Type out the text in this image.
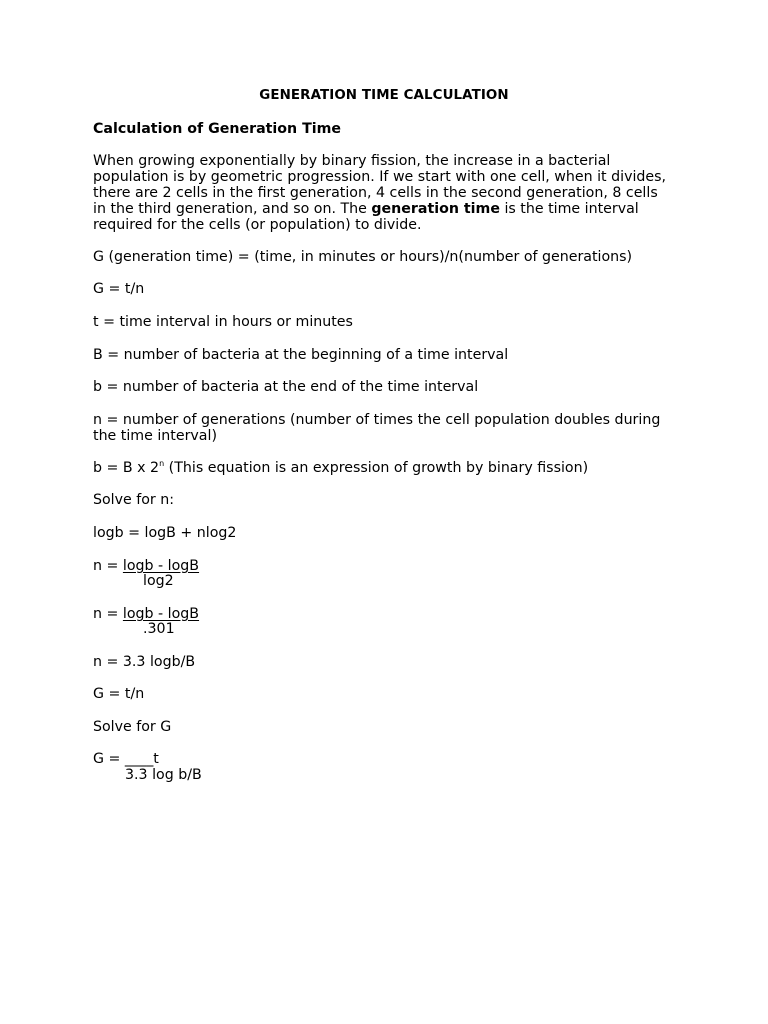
GENERATION TIME CALCULATION
Calculation of Generation Time
When growing exponentially by binary fission, the increase in a bacterial
population is by geometric progression. If we start with one cell, when it divides,
there are 2 cells in the first generation, 4 cells in the second generation, 8 cells
in the third generation, and so on. The generation time is the time interval
required for the cells (or population) to divide.
G (generation time) = (time, in minutes or hours)/n(number of generations)
G = t/n
t = time interval in hours or minutes
B = number of bacteria at the beginning of a time interval
b = number of bacteria at the end of the time interval
n = number of generations (number of times the cell population doubles during
the time interval)
b = B x 2$^n$ (This equation is an expression of growth by binary fission)
Solve for n:
logb = logB + nlog2
n = logb - logB
log2
n = logb - logB
.301
n = 3.3 logb/B
G = t/n
Solve for G
G = ____t
3.3 log b/B
